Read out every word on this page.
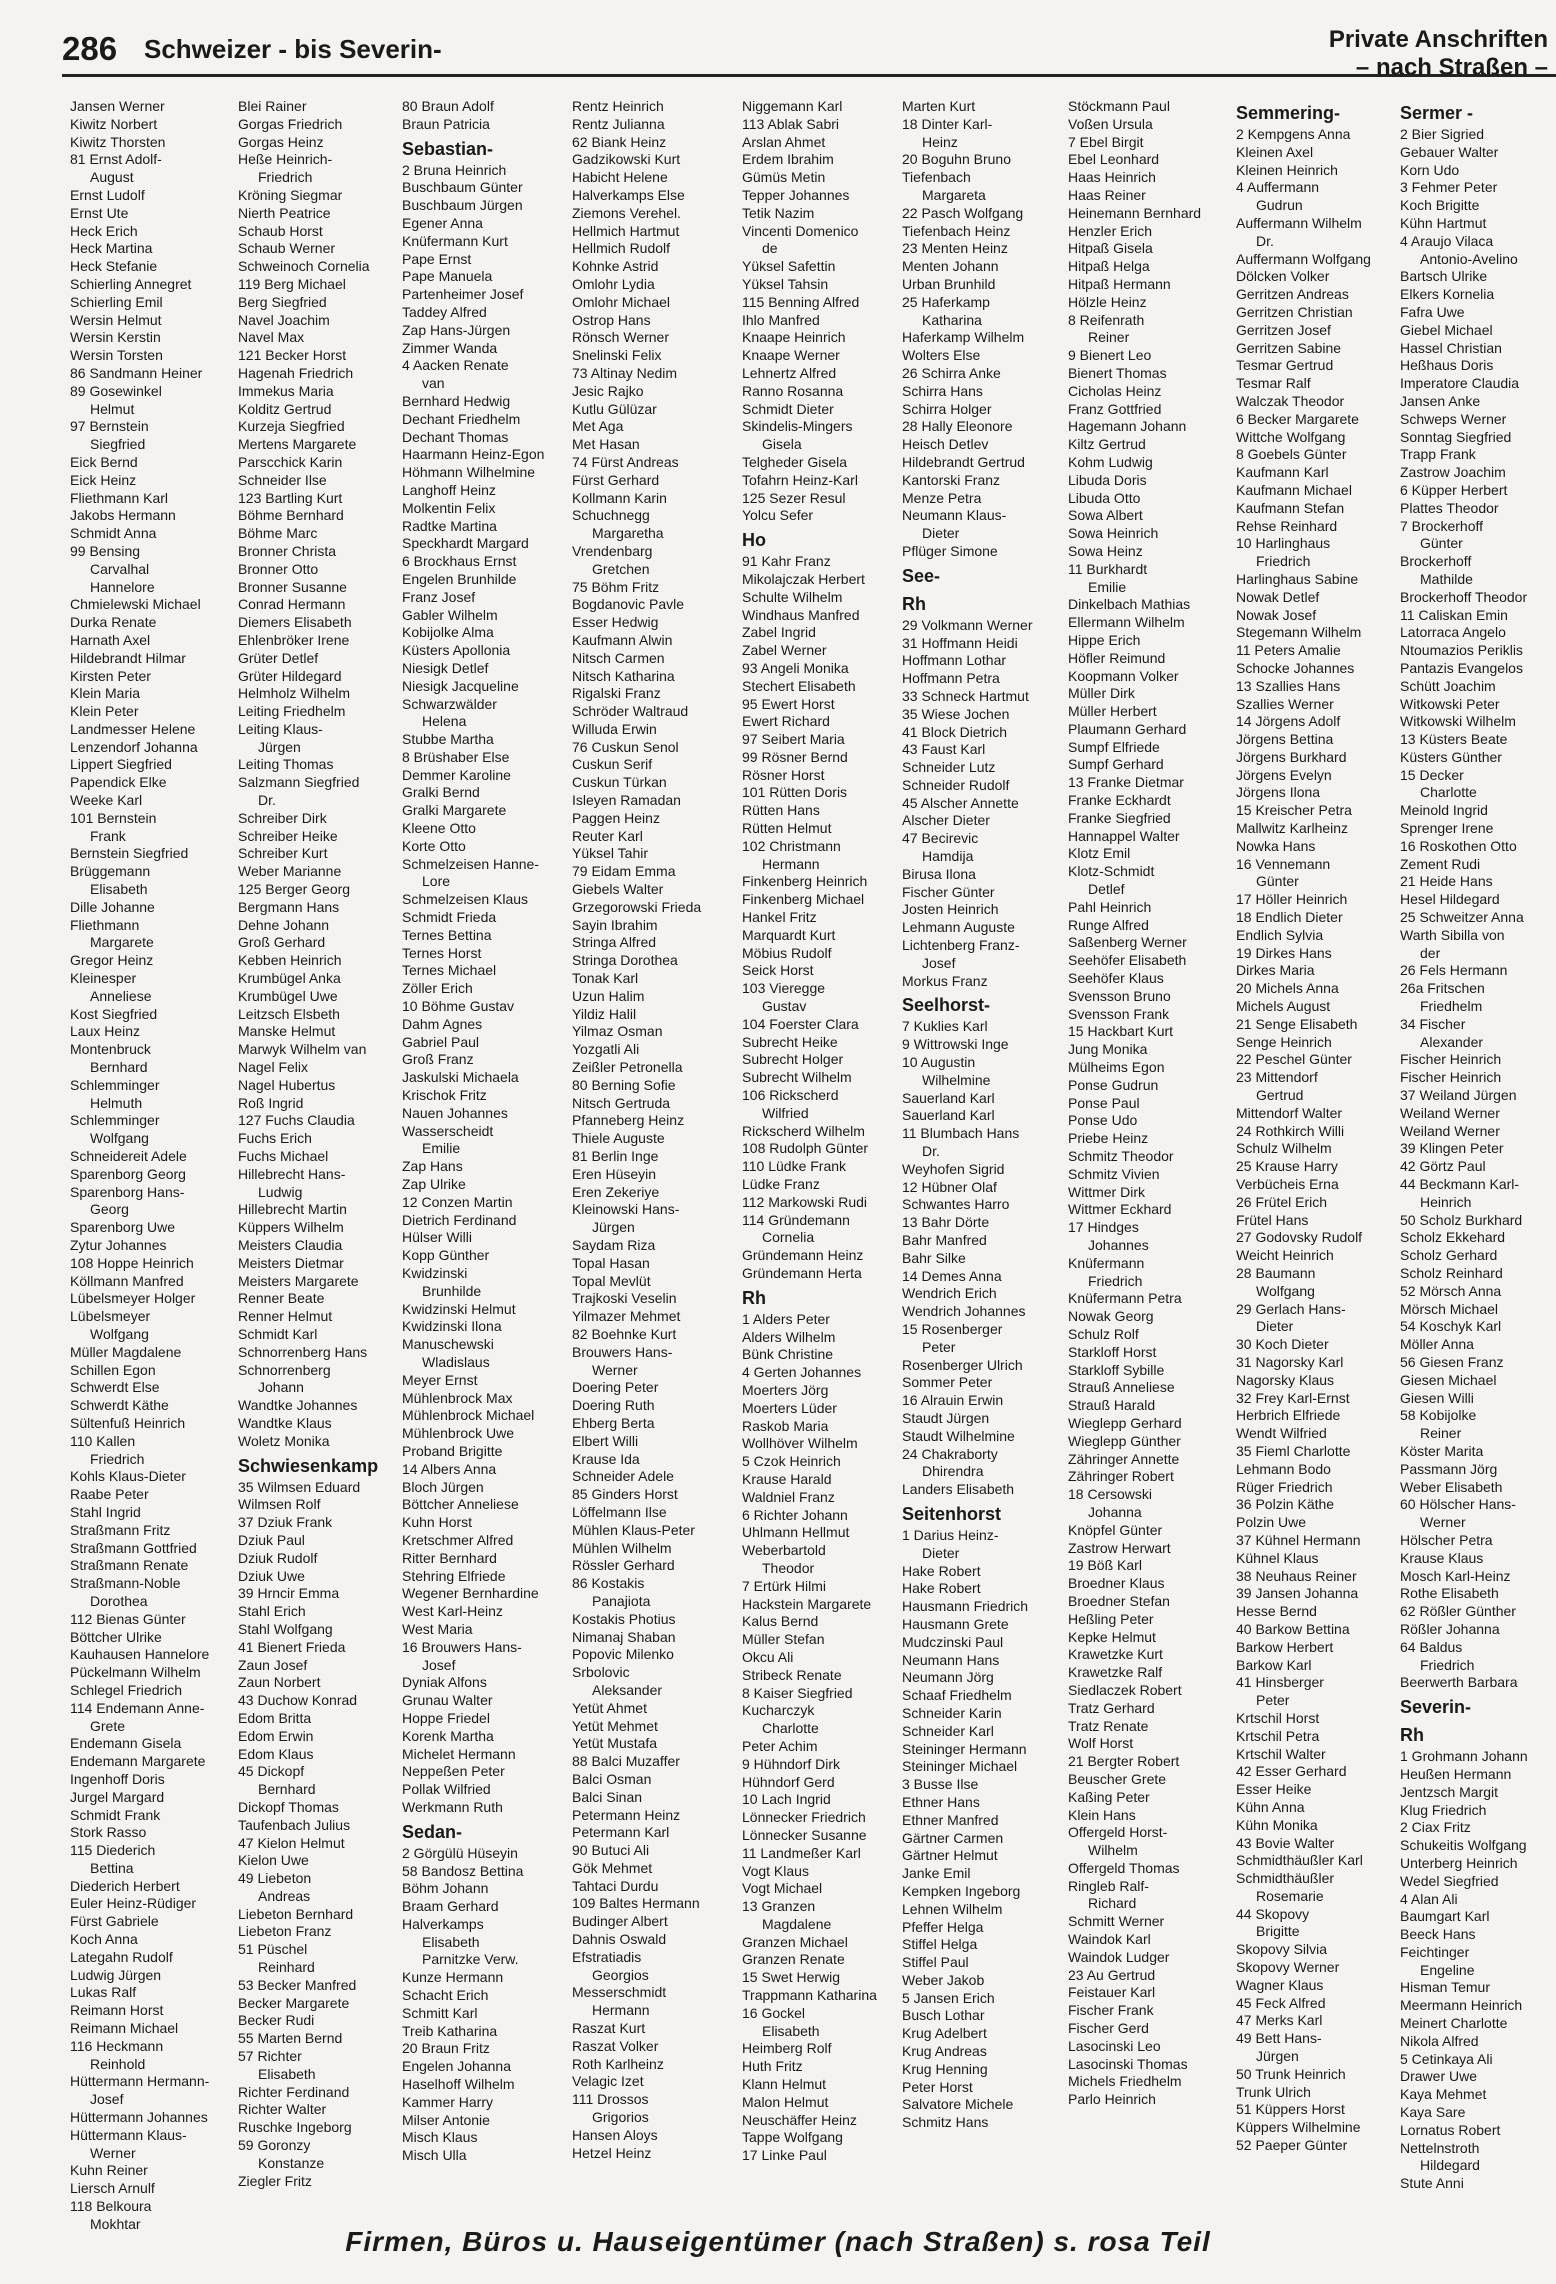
286 Schweizer - bis Severin-	Private Anschriften
– nach Straßen –
Jansen Werner
Kiwitz Norbert
Kiwitz Thorsten
81 Ernst Adolf-
August
Ernst Ludolf
Ernst Ute
Heck Erich
Heck Martina
Heck Stefanie
Schierling Annegret
Schierling Emil
Wersin Helmut
Wersin Kerstin
Wersin Torsten
86 Sandmann Heiner
89 Gosewinkel
Helmut
97 Bernstein
Siegfried
Eick Bernd
Eick Heinz
Fliethmann Karl
Jakobs Hermann
Schmidt Anna
99 Bensing
Carvalhal
Hannelore
Chmielewski Michael
Durka Renate
Harnath Axel
Hildebrandt Hilmar
Kirsten Peter
Klein Maria
Klein Peter
Landmesser Helene
Lenzendorf Johanna
Lippert Siegfried
Papendick Elke
Weeke Karl
101 Bernstein
Frank
Bernstein Siegfried
Brüggemann
Elisabeth
Dille Johanne
Fliethmann
Margarete
Gregor Heinz
Kleinesper
Anneliese
Kost Siegfried
Laux Heinz
Montenbruck
Bernhard
Schlemminger
Helmuth
Schlemminger
Wolfgang
Schneidereit Adele
Sparenborg Georg
Sparenborg Hans-
Georg
Sparenborg Uwe
Zytur Johannes
108 Hoppe Heinrich
Köllmann Manfred
Lübelsmeyer Holger
Lübelsmeyer
Wolfgang
Müller Magdalene
Schillen Egon
Schwerdt Else
Schwerdt Käthe
Sültenfuß Heinrich
110 Kallen
Friedrich
Kohls Klaus-Dieter
Raabe Peter
Stahl Ingrid
Straßmann Fritz
Straßmann Gottfried
Straßmann Renate
Straßmann-Noble
Dorothea
112 Bienas Günter
Böttcher Ulrike
Kauhausen Hannelore
Pückelmann Wilhelm
Schlegel Friedrich
114 Endemann Anne-
Grete
Endemann Gisela
Endemann Margarete
Ingenhoff Doris
Jurgel Margard
Schmidt Frank
Stork Rasso
115 Diederich
Bettina
Diederich Herbert
Euler Heinz-Rüdiger
Fürst Gabriele
Koch Anna
Lategahn Rudolf
Ludwig Jürgen
Lukas Ralf
Reimann Horst
Reimann Michael
116 Heckmann
Reinhold
Hüttermann Hermann-
Josef
Hüttermann Johannes
Hüttermann Klaus-
Werner
Kuhn Reiner
Liersch Arnulf
118 Belkoura
Mokhtar
Blei Rainer
Gorgas Friedrich
Gorgas Heinz
Heße Heinrich-
Friedrich
Kröning Siegmar
Nierth Peatrice
Schaub Horst
Schaub Werner
Schweinoch Cornelia
119 Berg Michael
Berg Siegfried
Navel Joachim
Navel Max
121 Becker Horst
Hagenah Friedrich
Immekus Maria
Kolditz Gertrud
Kurzeja Siegfried
Mertens Margarete
Parscchick Karin
Schneider Ilse
123 Bartling Kurt
Böhme Bernhard
Böhme Marc
Bronner Christa
Bronner Otto
Bronner Susanne
Conrad Hermann
Diemers Elisabeth
Ehlenbröker Irene
Grüter Detlef
Grüter Hildegard
Helmholz Wilhelm
Leiting Friedhelm
Leiting Klaus-
Jürgen
Leiting Thomas
Salzmann Siegfried
Dr.
Schreiber Dirk
Schreiber Heike
Schreiber Kurt
Weber Marianne
125 Berger Georg
Bergmann Hans
Dehne Johann
Groß Gerhard
Kebben Heinrich
Krumbügel Anka
Krumbügel Uwe
Leitzsch Elsbeth
Manske Helmut
Marwyk Wilhelm van
Nagel Felix
Nagel Hubertus
Roß Ingrid
127 Fuchs Claudia
Fuchs Erich
Fuchs Michael
Hillebrecht Hans-
Ludwig
Hillebrecht Martin
Küppers Wilhelm
Meisters Claudia
Meisters Dietmar
Meisters Margarete
Renner Beate
Renner Helmut
Schmidt Karl
Schnorrenberg Hans
Schnorrenberg
Johann
Wandtke Johannes
Wandtke Klaus
Woletz Monika
Schwiesenkamp
35 Wilmsen Eduard
Wilmsen Rolf
37 Dziuk Frank
Dziuk Paul
Dziuk Rudolf
Dziuk Uwe
39 Hrncir Emma
Stahl Erich
Stahl Wolfgang
41 Bienert Frieda
Zaun Josef
Zaun Norbert
43 Duchow Konrad
Edom Britta
Edom Erwin
Edom Klaus
45 Dickopf
Bernhard
Dickopf Thomas
Taufenbach Julius
47 Kielon Helmut
Kielon Uwe
49 Liebeton
Andreas
Liebeton Bernhard
Liebeton Franz
51 Püschel
Reinhard
53 Becker Manfred
Becker Margarete
Becker Rudi
55 Marten Bernd
57 Richter
Elisabeth
Richter Ferdinand
Richter Walter
Ruschke Ingeborg
59 Goronzy
Konstanze
Ziegler Fritz
80 Braun Adolf
Braun Patricia
Sebastian-
2 Bruna Heinrich
Buschbaum Günter
Buschbaum Jürgen
Egener Anna
Knüfermann Kurt
Pape Ernst
Pape Manuela
Partenheimer Josef
Taddey Alfred
Zap Hans-Jürgen
Zimmer Wanda
4 Aacken Renate
van
Bernhard Hedwig
Dechant Friedhelm
Dechant Thomas
Haarmann Heinz-Egon
Höhmann Wilhelmine
Langhoff Heinz
Molkentin Felix
Radtke Martina
Speckhardt Margard
6 Brockhaus Ernst
Engelen Brunhilde
Franz Josef
Gabler Wilhelm
Kobijolke Alma
Küsters Apollonia
Niesigk Detlef
Niesigk Jacqueline
Schwarzwälder
Helena
Stubbe Martha
8 Brüshaber Else
Demmer Karoline
Gralki Bernd
Gralki Margarete
Kleene Otto
Korte Otto
Schmelzeisen Hanne-
Lore
Schmelzeisen Klaus
Schmidt Frieda
Ternes Bettina
Ternes Horst
Ternes Michael
Zöller Erich
10 Böhme Gustav
Dahm Agnes
Gabriel Paul
Groß Franz
Jaskulski Michaela
Krischok Fritz
Nauen Johannes
Wasserscheidt
Emilie
Zap Hans
Zap Ulrike
12 Conzen Martin
Dietrich Ferdinand
Hülser Willi
Kopp Günther
Kwidzinski
Brunhilde
Kwidzinski Helmut
Kwidzinski Ilona
Manuschewski
Wladislaus
Meyer Ernst
Mühlenbrock Max
Mühlenbrock Michael
Mühlenbrock Uwe
Proband Brigitte
14 Albers Anna
Bloch Jürgen
Böttcher Anneliese
Kuhn Horst
Kretschmer Alfred
Ritter Bernhard
Stehring Elfriede
Wegener Bernhardine
West Karl-Heinz
West Maria
16 Brouwers Hans-
Josef
Dyniak Alfons
Grunau Walter
Hoppe Friedel
Korenk Martha
Michelet Hermann
Neppeßen Peter
Pollak Wilfried
Werkmann Ruth
Sedan-
2 Görgülü Hüseyin
58 Bandosz Bettina
Böhm Johann
Braam Gerhard
Halverkamps
Elisabeth
Parnitzke Verw.
Kunze Hermann
Schacht Erich
Schmitt Karl
Treib Katharina
20 Braun Fritz
Engelen Johanna
Haselhoff Wilhelm
Kammer Harry
Milser Antonie
Misch Klaus
Misch Ulla
Rentz Heinrich
Rentz Julianna
62 Biank Heinz
Gadzikowski Kurt
Habicht Helene
Halverkamps Else
Ziemons Verehel.
Hellmich Hartmut
Hellmich Rudolf
Kohnke Astrid
Omlohr Lydia
Omlohr Michael
Ostrop Hans
Rönsch Werner
Snelinski Felix
73 Altinay Nedim
Jesic Rajko
Kutlu Gülüzar
Met Aga
Met Hasan
74 Fürst Andreas
Fürst Gerhard
Kollmann Karin
Schuchnegg
Margaretha
Vrendenbarg
Gretchen
75 Böhm Fritz
Bogdanovic Pavle
Esser Hedwig
Kaufmann Alwin
Nitsch Carmen
Nitsch Katharina
Rigalski Franz
Schröder Waltraud
Willuda Erwin
76 Cuskun Senol
Cuskun Serif
Cuskun Türkan
Isleyen Ramadan
Paggen Heinz
Reuter Karl
Yüksel Tahir
79 Eidam Emma
Giebels Walter
Grzegorowski Frieda
Sayin Ibrahim
Stringa Alfred
Stringa Dorothea
Tonak Karl
Uzun Halim
Yildiz Halil
Yilmaz Osman
Yozgatli Ali
Zeißler Petronella
80 Berning Sofie
Nitsch Gertruda
Pfanneberg Heinz
Thiele Auguste
81 Berlin Inge
Eren Hüseyin
Eren Zekeriye
Kleinowski Hans-
Jürgen
Saydam Riza
Topal Hasan
Topal Mevlüt
Trajkoski Veselin
Yilmazer Mehmet
82 Boehnke Kurt
Brouwers Hans-
Werner
Doering Peter
Doering Ruth
Ehberg Berta
Elbert Willi
Krause Ida
Schneider Adele
85 Ginders Horst
Löffelmann Ilse
Mühlen Klaus-Peter
Mühlen Wilhelm
Rössler Gerhard
86 Kostakis
Panajiota
Kostakis Photius
Nimanaj Shaban
Popovic Milenko
Srbolovic
Aleksander
Yetüt Ahmet
Yetüt Mehmet
Yetüt Mustafa
88 Balci Muzaffer
Balci Osman
Balci Sinan
Petermann Heinz
Petermann Karl
90 Butuci Ali
Gök Mehmet
Tahtaci Durdu
109 Baltes Hermann
Budinger Albert
Dahnis Oswald
Efstratiadis
Georgios
Messerschmidt
Hermann
Raszat Kurt
Raszat Volker
Roth Karlheinz
Velagic Izet
111 Drossos
Grigorios
Hansen Aloys
Hetzel Heinz
Niggemann Karl
113 Ablak Sabri
Arslan Ahmet
Erdem Ibrahim
Gümüs Metin
Tepper Johannes
Tetik Nazim
Vincenti Domenico
de
Yüksel Safettin
Yüksel Tahsin
115 Benning Alfred
Ihlo Manfred
Knaape Heinrich
Knaape Werner
Lehnertz Alfred
Ranno Rosanna
Schmidt Dieter
Skindelis-Mingers
Gisela
Telgheder Gisela
Tofahrn Heinz-Karl
125 Sezer Resul
Yolcu Sefer
Ho
91 Kahr Franz
Mikolajczak Herbert
Schulte Wilhelm
Windhaus Manfred
Zabel Ingrid
Zabel Werner
93 Angeli Monika
Stechert Elisabeth
95 Ewert Horst
Ewert Richard
97 Seibert Maria
99 Rösner Bernd
Rösner Horst
101 Rütten Doris
Rütten Hans
Rütten Helmut
102 Christmann
Hermann
Finkenberg Heinrich
Finkenberg Michael
Hankel Fritz
Marquardt Kurt
Möbius Rudolf
Seick Horst
103 Vieregge
Gustav
104 Foerster Clara
Subrecht Heike
Subrecht Holger
Subrecht Wilhelm
106 Rickscherd
Wilfried
Rickscherd Wilhelm
108 Rudolph Günter
110 Lüdke Frank
Lüdke Franz
112 Markowski Rudi
114 Gründemann
Cornelia
Gründemann Heinz
Gründemann Herta
Rh
1 Alders Peter
Alders Wilhelm
Bünk Christine
4 Gerten Johannes
Moerters Jörg
Moerters Lüder
Raskob Maria
Wollhöver Wilhelm
5 Czok Heinrich
Krause Harald
Waldniel Franz
6 Richter Johann
Uhlmann Hellmut
Weberbartold
Theodor
7 Ertürk Hilmi
Hackstein Margarete
Kalus Bernd
Müller Stefan
Okcu Ali
Stribeck Renate
8 Kaiser Siegfried
Kucharczyk
Charlotte
Peter Achim
9 Hühndorf Dirk
Hühndorf Gerd
10 Lach Ingrid
Lönnecker Friedrich
Lönnecker Susanne
11 Landmeßer Karl
Vogt Klaus
Vogt Michael
13 Granzen
Magdalene
Granzen Michael
Granzen Renate
15 Swet Herwig
Trappmann Katharina
16 Gockel
Elisabeth
Heimberg Rolf
Huth Fritz
Klann Helmut
Malon Helmut
Neuschäffer Heinz
Tappe Wolfgang
17 Linke Paul
Marten Kurt
18 Dinter Karl-
Heinz
20 Boguhn Bruno
Tiefenbach
Margareta
22 Pasch Wolfgang
Tiefenbach Heinz
23 Menten Heinz
Menten Johann
Urban Brunhild
25 Haferkamp
Katharina
Haferkamp Wilhelm
Wolters Else
26 Schirra Anke
Schirra Hans
Schirra Holger
28 Hally Eleonore
Heisch Detlev
Hildebrandt Gertrud
Kantorski Franz
Menze Petra
Neumann Klaus-
Dieter
Pflüger Simone
See-
Rh
29 Volkmann Werner
31 Hoffmann Heidi
Hoffmann Lothar
Hoffmann Petra
33 Schneck Hartmut
35 Wiese Jochen
41 Block Dietrich
43 Faust Karl
Schneider Lutz
Schneider Rudolf
45 Alscher Annette
Alscher Dieter
47 Becirevic
Hamdija
Birusa Ilona
Fischer Günter
Josten Heinrich
Lehmann Auguste
Lichtenberg Franz-
Josef
Morkus Franz
Seelhorst-
7 Kuklies Karl
9 Wittrowski Inge
10 Augustin
Wilhelmine
Sauerland Karl
Sauerland Karl
11 Blumbach Hans
Dr.
Weyhofen Sigrid
12 Hübner Olaf
Schwantes Harro
13 Bahr Dörte
Bahr Manfred
Bahr Silke
14 Demes Anna
Wendrich Erich
Wendrich Johannes
15 Rosenberger
Peter
Rosenberger Ulrich
Sommer Peter
16 Alrauin Erwin
Staudt Jürgen
Staudt Wilhelmine
24 Chakraborty
Dhirendra
Landers Elisabeth
Seitenhorst
1 Darius Heinz-
Dieter
Hake Robert
Hake Robert
Hausmann Friedrich
Hausmann Grete
Mudczinski Paul
Neumann Hans
Neumann Jörg
Schaaf Friedhelm
Schneider Karin
Schneider Karl
Steininger Hermann
Steininger Michael
3 Busse Ilse
Ethner Hans
Ethner Manfred
Gärtner Carmen
Gärtner Helmut
Janke Emil
Kempken Ingeborg
Lehnen Wilhelm
Pfeffer Helga
Stiffel Helga
Stiffel Paul
Weber Jakob
5 Jansen Erich
Busch Lothar
Krug Adelbert
Krug Andreas
Krug Henning
Peter Horst
Salvatore Michele
Schmitz Hans
Stöckmann Paul
Voßen Ursula
7 Ebel Birgit
Ebel Leonhard
Haas Heinrich
Haas Reiner
Heinemann Bernhard
Henzler Erich
Hitpaß Gisela
Hitpaß Helga
Hitpaß Hermann
Hölzle Heinz
8 Reifenrath
Reiner
9 Bienert Leo
Bienert Thomas
Cicholas Heinz
Franz Gottfried
Hagemann Johann
Kiltz Gertrud
Kohm Ludwig
Libuda Doris
Libuda Otto
Sowa Albert
Sowa Heinrich
Sowa Heinz
11 Burkhardt
Emilie
Dinkelbach Mathias
Ellermann Wilhelm
Hippe Erich
Höfler Reimund
Koopmann Volker
Müller Dirk
Müller Herbert
Plaumann Gerhard
Sumpf Elfriede
Sumpf Gerhard
13 Franke Dietmar
Franke Eckhardt
Franke Siegfried
Hannappel Walter
Klotz Emil
Klotz-Schmidt
Detlef
Pahl Heinrich
Runge Alfred
Saßenberg Werner
Seehöfer Elisabeth
Seehöfer Klaus
Svensson Bruno
Svensson Frank
15 Hackbart Kurt
Jung Monika
Mülheims Egon
Ponse Gudrun
Ponse Paul
Ponse Udo
Priebe Heinz
Schmitz Theodor
Schmitz Vivien
Wittmer Dirk
Wittmer Eckhard
17 Hindges
Johannes
Knüfermann
Friedrich
Knüfermann Petra
Nowak Georg
Schulz Rolf
Starkloff Horst
Starkloff Sybille
Strauß Anneliese
Strauß Harald
Wieglepp Gerhard
Wieglepp Günther
Zähringer Annette
Zähringer Robert
18 Cersowski
Johanna
Knöpfel Günter
Zastrow Herwart
19 Böß Karl
Broedner Klaus
Broedner Stefan
Heßling Peter
Kepke Helmut
Krawetzke Kurt
Krawetzke Ralf
Siedlaczek Robert
Tratz Gerhard
Tratz Renate
Wolf Horst
21 Bergter Robert
Beuscher Grete
Kaßing Peter
Klein Hans
Offergeld Horst-
Wilhelm
Offergeld Thomas
Ringleb Ralf-
Richard
Schmitt Werner
Waindok Karl
Waindok Ludger
23 Au Gertrud
Feistauer Karl
Fischer Frank
Fischer Gerd
Lasocinski Leo
Lasocinski Thomas
Michels Friedhelm
Parlo Heinrich
Semmering-
2 Kempgens Anna
Kleinen Axel
Kleinen Heinrich
4 Auffermann
Gudrun
Auffermann Wilhelm
Dr.
Auffermann Wolfgang
Dölcken Volker
Gerritzen Andreas
Gerritzen Christian
Gerritzen Josef
Gerritzen Sabine
Tesmar Gertrud
Tesmar Ralf
Walczak Theodor
6 Becker Margarete
Wittche Wolfgang
8 Goebels Günter
Kaufmann Karl
Kaufmann Michael
Kaufmann Stefan
Rehse Reinhard
10 Harlinghaus
Friedrich
Harlinghaus Sabine
Nowak Detlef
Nowak Josef
Stegemann Wilhelm
11 Peters Amalie
Schocke Johannes
13 Szallies Hans
Szallies Werner
14 Jörgens Adolf
Jörgens Bettina
Jörgens Burkhard
Jörgens Evelyn
Jörgens Ilona
15 Kreischer Petra
Mallwitz Karlheinz
Nowka Hans
16 Vennemann
Günter
17 Höller Heinrich
18 Endlich Dieter
Endlich Sylvia
19 Dirkes Hans
Dirkes Maria
20 Michels Anna
Michels August
21 Senge Elisabeth
Senge Heinrich
22 Peschel Günter
23 Mittendorf
Gertrud
Mittendorf Walter
24 Rothkirch Willi
Schulz Wilhelm
25 Krause Harry
Verbücheis Erna
26 Frütel Erich
Frütel Hans
27 Godovsky Rudolf
Weicht Heinrich
28 Baumann
Wolfgang
29 Gerlach Hans-
Dieter
30 Koch Dieter
31 Nagorsky Karl
Nagorsky Klaus
32 Frey Karl-Ernst
Herbrich Elfriede
Wendt Wilfried
35 Fieml Charlotte
Lehmann Bodo
Rüger Friedrich
36 Polzin Käthe
Polzin Uwe
37 Kühnel Hermann
Kühnel Klaus
38 Neuhaus Reiner
39 Jansen Johanna
Hesse Bernd
40 Barkow Bettina
Barkow Herbert
Barkow Karl
41 Hinsberger
Peter
Krtschil Horst
Krtschil Petra
Krtschil Walter
42 Esser Gerhard
Esser Heike
Kühn Anna
Kühn Monika
43 Bovie Walter
Schmidthäußler Karl
Schmidthäußler
Rosemarie
44 Skopovy
Brigitte
Skopovy Silvia
Skopovy Werner
Wagner Klaus
45 Feck Alfred
47 Merks Karl
49 Bett Hans-
Jürgen
50 Trunk Heinrich
Trunk Ulrich
51 Küppers Horst
Küppers Wilhelmine
52 Paeper Günter
Sermer -
2 Bier Sigried
Gebauer Walter
Korn Udo
3 Fehmer Peter
Koch Brigitte
Kühn Hartmut
4 Araujo Vilaca
Antonio-Avelino
Bartsch Ulrike
Elkers Kornelia
Fafra Uwe
Giebel Michael
Hassel Christian
Heßhaus Doris
Imperatore Claudia
Jansen Anke
Schweps Werner
Sonntag Siegfried
Trapp Frank
Zastrow Joachim
6 Küpper Herbert
Plattes Theodor
7 Brockerhoff
Günter
Brockerhoff
Mathilde
Brockerhoff Theodor
11 Caliskan Emin
Latorraca Angelo
Ntoumazios Periklis
Pantazis Evangelos
Schütt Joachim
Witkowski Peter
Witkowski Wilhelm
13 Küsters Beate
Küsters Günther
15 Decker
Charlotte
Meinold Ingrid
Sprenger Irene
16 Roskothen Otto
Zement Rudi
21 Heide Hans
Hesel Hildegard
25 Schweitzer Anna
Warth Sibilla von
der
26 Fels Hermann
26a Fritschen
Friedhelm
34 Fischer
Alexander
Fischer Heinrich
Fischer Heinrich
37 Weiland Jürgen
Weiland Werner
Weiland Werner
39 Klingen Peter
42 Görtz Paul
44 Beckmann Karl-
Heinrich
50 Scholz Burkhard
Scholz Ekkehard
Scholz Gerhard
Scholz Reinhard
52 Mörsch Anna
Mörsch Michael
54 Koschyk Karl
Möller Anna
56 Giesen Franz
Giesen Michael
Giesen Willi
58 Kobijolke
Reiner
Köster Marita
Passmann Jörg
Weber Elisabeth
60 Hölscher Hans-
Werner
Hölscher Petra
Krause Klaus
Mosch Karl-Heinz
Rothe Elisabeth
62 Rößler Günther
Rößler Johanna
64 Baldus
Friedrich
Beerwerth Barbara
Severin-
Rh
1 Grohmann Johann
Heußen Hermann
Jentzsch Margit
Klug Friedrich
2 Ciax Fritz
Schukeitis Wolfgang
Unterberg Heinrich
Wedel Siegfried
4 Alan Ali
Baumgart Karl
Beeck Hans
Feichtinger
Engeline
Hisman Temur
Meermann Heinrich
Meinert Charlotte
Nikola Alfred
5 Cetinkaya Ali
Drawer Uwe
Kaya Mehmet
Kaya Sare
Lornatus Robert
Nettelnstroth
Hildegard
Stute Anni
Firmen, Büros u. Hauseigentümer (nach Straßen) s. rosa Teil
